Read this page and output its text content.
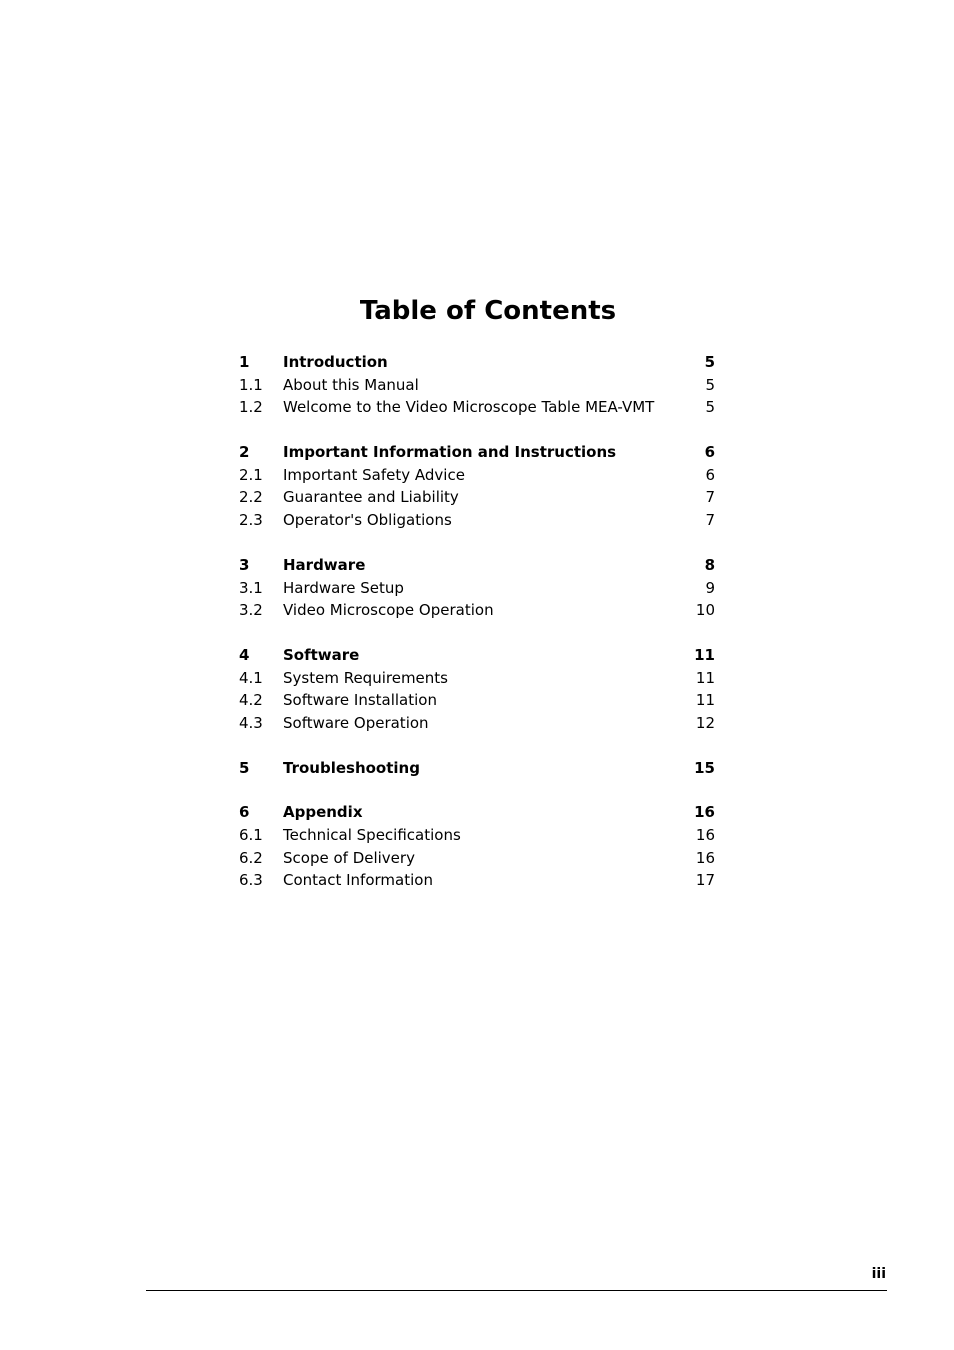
Table of Contents
1 Introduction	5
1.1 About this Manual	5
1.2 Welcome to the Video Microscope Table MEA-VMT	5
2 Important Information and Instructions	6
2.1 Important Safety Advice	6
2.2 Guarantee and Liability	7
2.3 Operator's Obligations	7
3 Hardware	8
3.1 Hardware Setup	9
3.2 Video Microscope Operation	10
4 Software	11
4.1 System Requirements	11
4.2 Software Installation	11
4.3 Software Operation	12
5 Troubleshooting	15
6 Appendix	16
6.1 Technical Specifications	16
6.2 Scope of Delivery	16
6.3 Contact Information	17
iii
